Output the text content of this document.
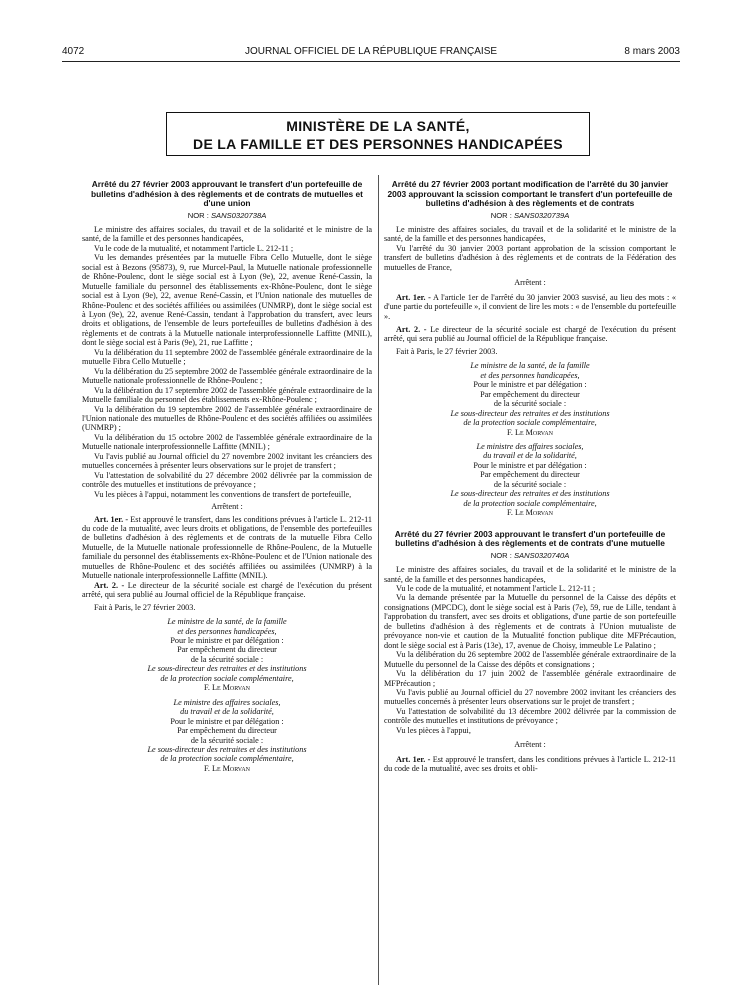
4072	JOURNAL OFFICIEL DE LA RÉPUBLIQUE FRANÇAISE	8 mars 2003
MINISTÈRE DE LA SANTÉ,
DE LA FAMILLE ET DES PERSONNES HANDICAPÉES
Arrêté du 27 février 2003 approuvant le transfert d'un portefeuille de bulletins d'adhésion à des règlements et de contrats de mutuelles et d'une union
NOR : SANS0320738A

Le ministre des affaires sociales, du travail et de la solidarité et le ministre de la santé, de la famille et des personnes handicapées,

Vu le code de la mutualité, et notamment l'article L. 212-11 ;

Vu les demandes présentées par la mutuelle Fibra Cello Mutuelle, dont le siège social est à Bezons (95873), 9, rue Murcel-Paul, la Mutuelle nationale professionnelle de Rhône-Poulenc, dont le siège social est à Lyon (9e), 22, avenue René-Cassin, la Mutuelle familiale du personnel des établissements ex-Rhône-Poulenc, dont le siège social est à Lyon (9e), 22, avenue René-Cassin, et l'Union nationale des mutuelles de Rhône-Poulenc et des sociétés affiliées ou assimilées (UNMRP), dont le siège social est à Lyon (9e), 22, avenue René-Cassin, tendant à l'approbation du transfert, avec leurs droits et obligations, de l'ensemble de leurs portefeuilles de bulletins d'adhésion à des règlements et de contrats à la Mutuelle nationale interprofessionnelle Laffitte (MNIL), dont le siège social est à Paris (9e), 21, rue Laffitte ;

Vu la délibération du 11 septembre 2002 de l'assemblée générale extraordinaire de la mutuelle Fibra Cello Mutuelle ;

Vu la délibération du 25 septembre 2002 de l'assemblée générale extraordinaire de la Mutuelle nationale professionnelle de Rhône-Poulenc ;

Vu la délibération du 17 septembre 2002 de l'assemblée générale extraordinaire de la Mutuelle familiale du personnel des établissements ex-Rhône-Poulenc ;

Vu la délibération du 19 septembre 2002 de l'assemblée générale extraordinaire de l'Union nationale des mutuelles de Rhône-Poulenc et des sociétés affiliées ou assimilées (UNMRP) ;

Vu la délibération du 15 octobre 2002 de l'assemblée générale extraordinaire de la Mutuelle nationale interprofessionnelle Laffitte (MNIL) ;

Vu l'avis publié au Journal officiel du 27 novembre 2002 invitant les créanciers des mutuelles concernées à présenter leurs observations sur le projet de transfert ;

Vu l'attestation de solvabilité du 27 décembre 2002 délivrée par la commission de contrôle des mutuelles et institutions de prévoyance ;

Vu les pièces à l'appui, notamment les conventions de transfert de portefeuille,

Arrêtent :

Art. 1er. - Est approuvé le transfert, dans les conditions prévues à l'article L. 212-11 du code de la mutualité, avec leurs droits et obligations, de l'ensemble des portefeuilles de bulletins d'adhésion à des règlements et de contrats de la mutuelle Fibra Cello Mutuelle, de la Mutuelle nationale professionnelle de Rhône-Poulenc, de la Mutuelle familiale du personnel des établissements ex-Rhône-Poulenc et de l'Union nationale des mutuelles de Rhône-Poulenc et des sociétés affiliées ou assimilées (UNMRP) à la Mutuelle nationale interprofessionnelle Laffitte (MNIL).

Art. 2. - Le directeur de la sécurité sociale est chargé de l'exécution du présent arrêté, qui sera publié au Journal officiel de la République française.

Fait à Paris, le 27 février 2003.

Le ministre de la santé, de la famille
et des personnes handicapées,
Pour le ministre et par délégation :
Par empêchement du directeur
de la sécurité sociale :
Le sous-directeur des retraites et des institutions
de la protection sociale complémentaire,
F. Le Morvan
Le ministre des affaires sociales,
du travail et de la solidarité,
Pour le ministre et par délégation :
Par empêchement du directeur
de la sécurité sociale :
Le sous-directeur des retraites et des institutions
de la protection sociale complémentaire,
F. Le Morvan
Arrêté du 27 février 2003 portant modification de l'arrêté du 30 janvier 2003 approuvant la scission comportant le transfert d'un portefeuille de bulletins d'adhésion à des règlements et de contrats
NOR : SANS0320739A

Le ministre des affaires sociales, du travail et de la solidarité et le ministre de la santé, de la famille et des personnes handicapées,

Vu l'arrêté du 30 janvier 2003 portant approbation de la scission comportant le transfert de bulletins d'adhésion à des règlements et de contrats de la Fédération des mutuelles de France,

Arrêtent :

Art. 1er. - A l'article 1er de l'arrêté du 30 janvier 2003 susvisé, au lieu des mots : « d'une partie du portefeuille », il convient de lire les mots : « de l'ensemble du portefeuille ».

Art. 2. - Le directeur de la sécurité sociale est chargé de l'exécution du présent arrêté, qui sera publié au Journal officiel de la République française.

Fait à Paris, le 27 février 2003.

Le ministre de la santé, de la famille
et des personnes handicapées,
Pour le ministre et par délégation :
Par empêchement du directeur
de la sécurité sociale :
Le sous-directeur des retraites et des institutions
de la protection sociale complémentaire,
F. Le Morvan
Le ministre des affaires sociales,
du travail et de la solidarité,
Pour le ministre et par délégation :
Par empêchement du directeur
de la sécurité sociale :
Le sous-directeur des retraites et des institutions
de la protection sociale complémentaire,
F. Le Morvan
Arrêté du 27 février 2003 approuvant le transfert d'un portefeuille de bulletins d'adhésion à des règlements et de contrats d'une mutuelle
NOR : SANS0320740A

Le ministre des affaires sociales, du travail et de la solidarité et le ministre de la santé, de la famille et des personnes handicapées,

Vu le code de la mutualité, et notamment l'article L. 212-11 ;

Vu la demande présentée par la Mutuelle du personnel de la Caisse des dépôts et consignations (MPCDC), dont le siège social est à Paris (7e), 59, rue de Lille, tendant à l'approbation du transfert, avec ses droits et obligations, d'une partie de son portefeuille de bulletins d'adhésion à des règlements et de contrats à l'Union mutualiste de prévoyance non-vie et caution de la Mutualité fonction publique dite MFPrécaution, dont le siège social est à Paris (13e), 17, avenue de Choisy, immeuble Le Palatino ;

Vu la délibération du 26 septembre 2002 de l'assemblée générale extraordinaire de la Mutuelle du personnel de la Caisse des dépôts et consignations ;

Vu la délibération du 17 juin 2002 de l'assemblée générale extraordinaire de MFPrécaution ;

Vu l'avis publié au Journal officiel du 27 novembre 2002 invitant les créanciers des mutuelles concernés à présenter leurs observations sur le projet de transfert ;

Vu l'attestation de solvabilité du 13 décembre 2002 délivrée par la commission de contrôle des mutuelles et institutions de prévoyance ;

Vu les pièces à l'appui,

Arrêtent :

Art. 1er. - Est approuvé le transfert, dans les conditions prévues à l'article L. 212-11 du code de la mutualité, avec ses droits et obli-
